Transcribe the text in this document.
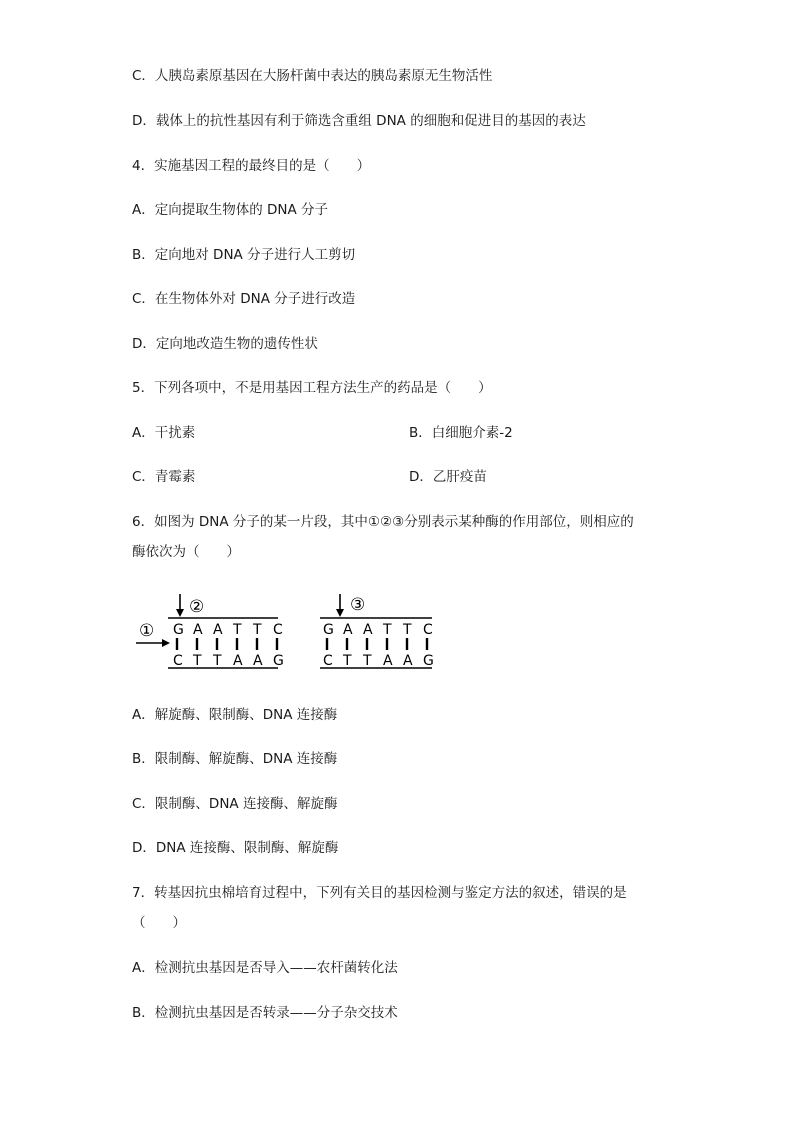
C．人胰岛素原基因在大肠杆菌中表达的胰岛素原无生物活性
D．载体上的抗性基因有利于筛选含重组 DNA 的细胞和促进目的基因的表达
4．实施基因工程的最终目的是（　　）
A．定向提取生物体的 DNA 分子
B．定向地对 DNA 分子进行人工剪切
C．在生物体外对 DNA 分子进行改造
D．定向地改造生物的遗传性状
5．下列各项中，不是用基因工程方法生产的药品是（　　）
A．干扰素	B．白细胞介素-2
C．青霉素	D．乙肝疫苗
6．如图为 DNA 分子的某一片段，其中①②③分别表示某种酶的作用部位，则相应的
酶依次为（　　）
②
① G A A T T C
C T T A A G
③
G A A T T C
C T T A A G
A．解旋酶、限制酶、DNA 连接酶
B．限制酶、解旋酶、DNA 连接酶
C．限制酶、DNA 连接酶、解旋酶
D．DNA 连接酶、限制酶、解旋酶
7．转基因抗虫棉培育过程中，下列有关目的基因检测与鉴定方法的叙述，错误的是
（　　）
A．检测抗虫基因是否导入——农杆菌转化法
B．检测抗虫基因是否转录——分子杂交技术
